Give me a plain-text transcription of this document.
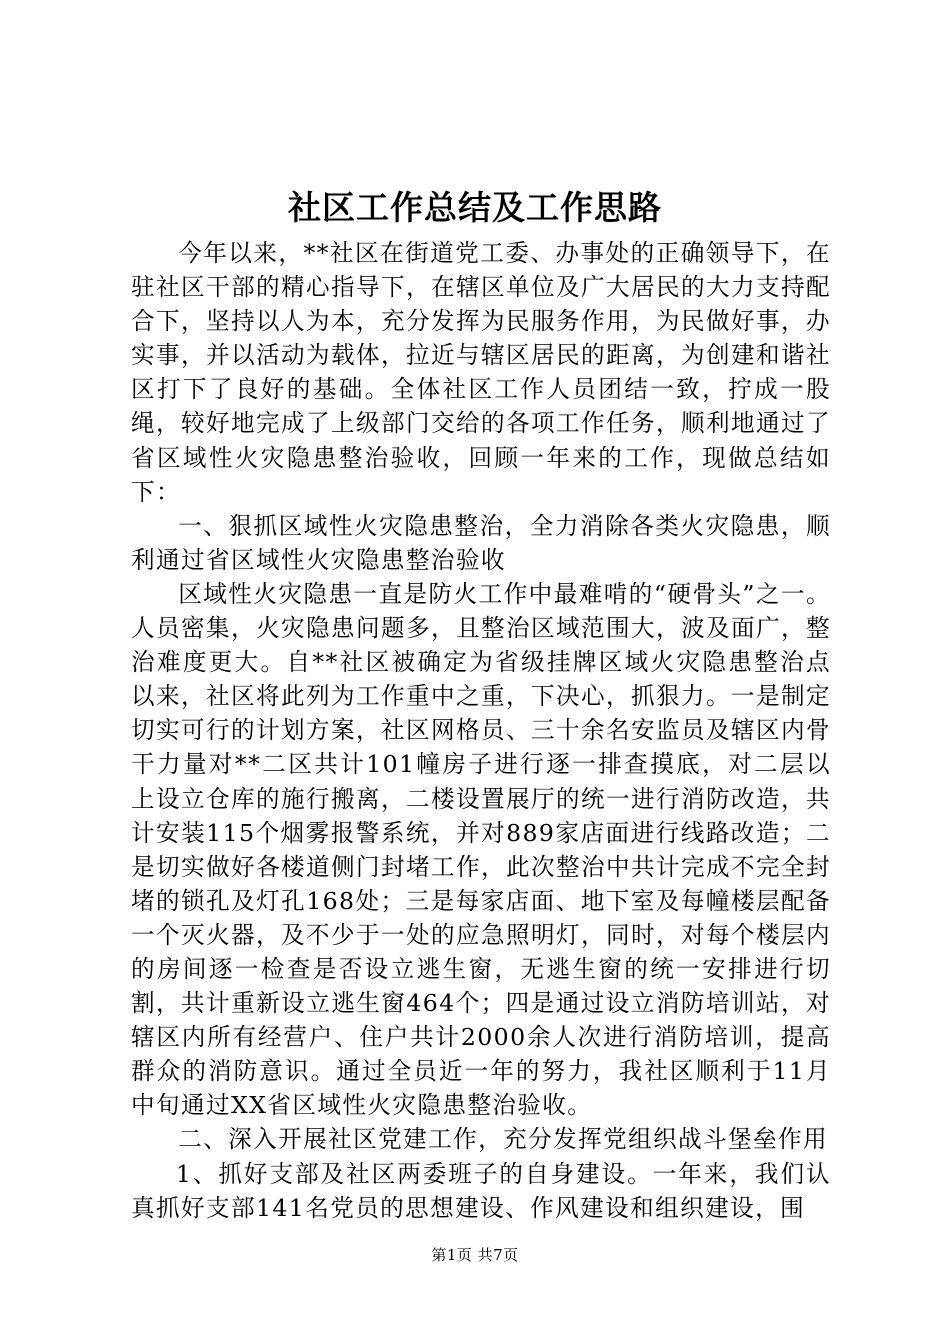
社区工作总结及工作思路

今年以来，**社区在街道党工委、办事处的正确领导下，在驻社区干部的精心指导下，在辖区单位及广大居民的大力支持配合下，坚持以人为本，充分发挥为民服务作用，为民做好事，办实事，并以活动为载体，拉近与辖区居民的距离，为创建和谐社区打下了良好的基础。全体社区工作人员团结一致，拧成一股绳，较好地完成了上级部门交给的各项工作任务，顺利地通过了省区域性火灾隐患整治验收，回顾一年来的工作，现做总结如下：

一、狠抓区域性火灾隐患整治，全力消除各类火灾隐患，顺利通过省区域性火灾隐患整治验收

区域性火灾隐患一直是防火工作中最难啃的“硬骨头”之一。人员密集，火灾隐患问题多，且整治区域范围大，波及面广，整治难度更大。自**社区被确定为省级挂牌区域火灾隐患整治点以来，社区将此列为工作重中之重，下决心，抓狠力。一是制定切实可行的计划方案，社区网格员、三十余名安监员及辖区内骨干力量对**二区共计101幢房子进行逐一排查摸底，对二层以上设立仓库的施行搬离，二楼设置展厅的统一进行消防改造，共计安装115个烟雾报警系统，并对889家店面进行线路改造；二是切实做好各楼道侧门封堵工作，此次整治中共计完成不完全封堵的锁孔及灯孔168处；三是每家店面、地下室及每幢楼层配备一个灭火器，及不少于一处的应急照明灯，同时，对每个楼层内的房间逐一检查是否设立逃生窗，无逃生窗的统一安排进行切割，共计重新设立逃生窗464个；四是通过设立消防培训站，对辖区内所有经营户、住户共计2000余人次进行消防培训，提高群众的消防意识。通过全员近一年的努力，我社区顺利于11月中旬通过XX省区域性火灾隐患整治验收。

二、深入开展社区党建工作，充分发挥党组织战斗堡垒作用

1、抓好支部及社区两委班子的自身建设。一年来，我们认真抓好支部141名党员的思想建设、作风建设和组织建设，围

第1页 共7页
